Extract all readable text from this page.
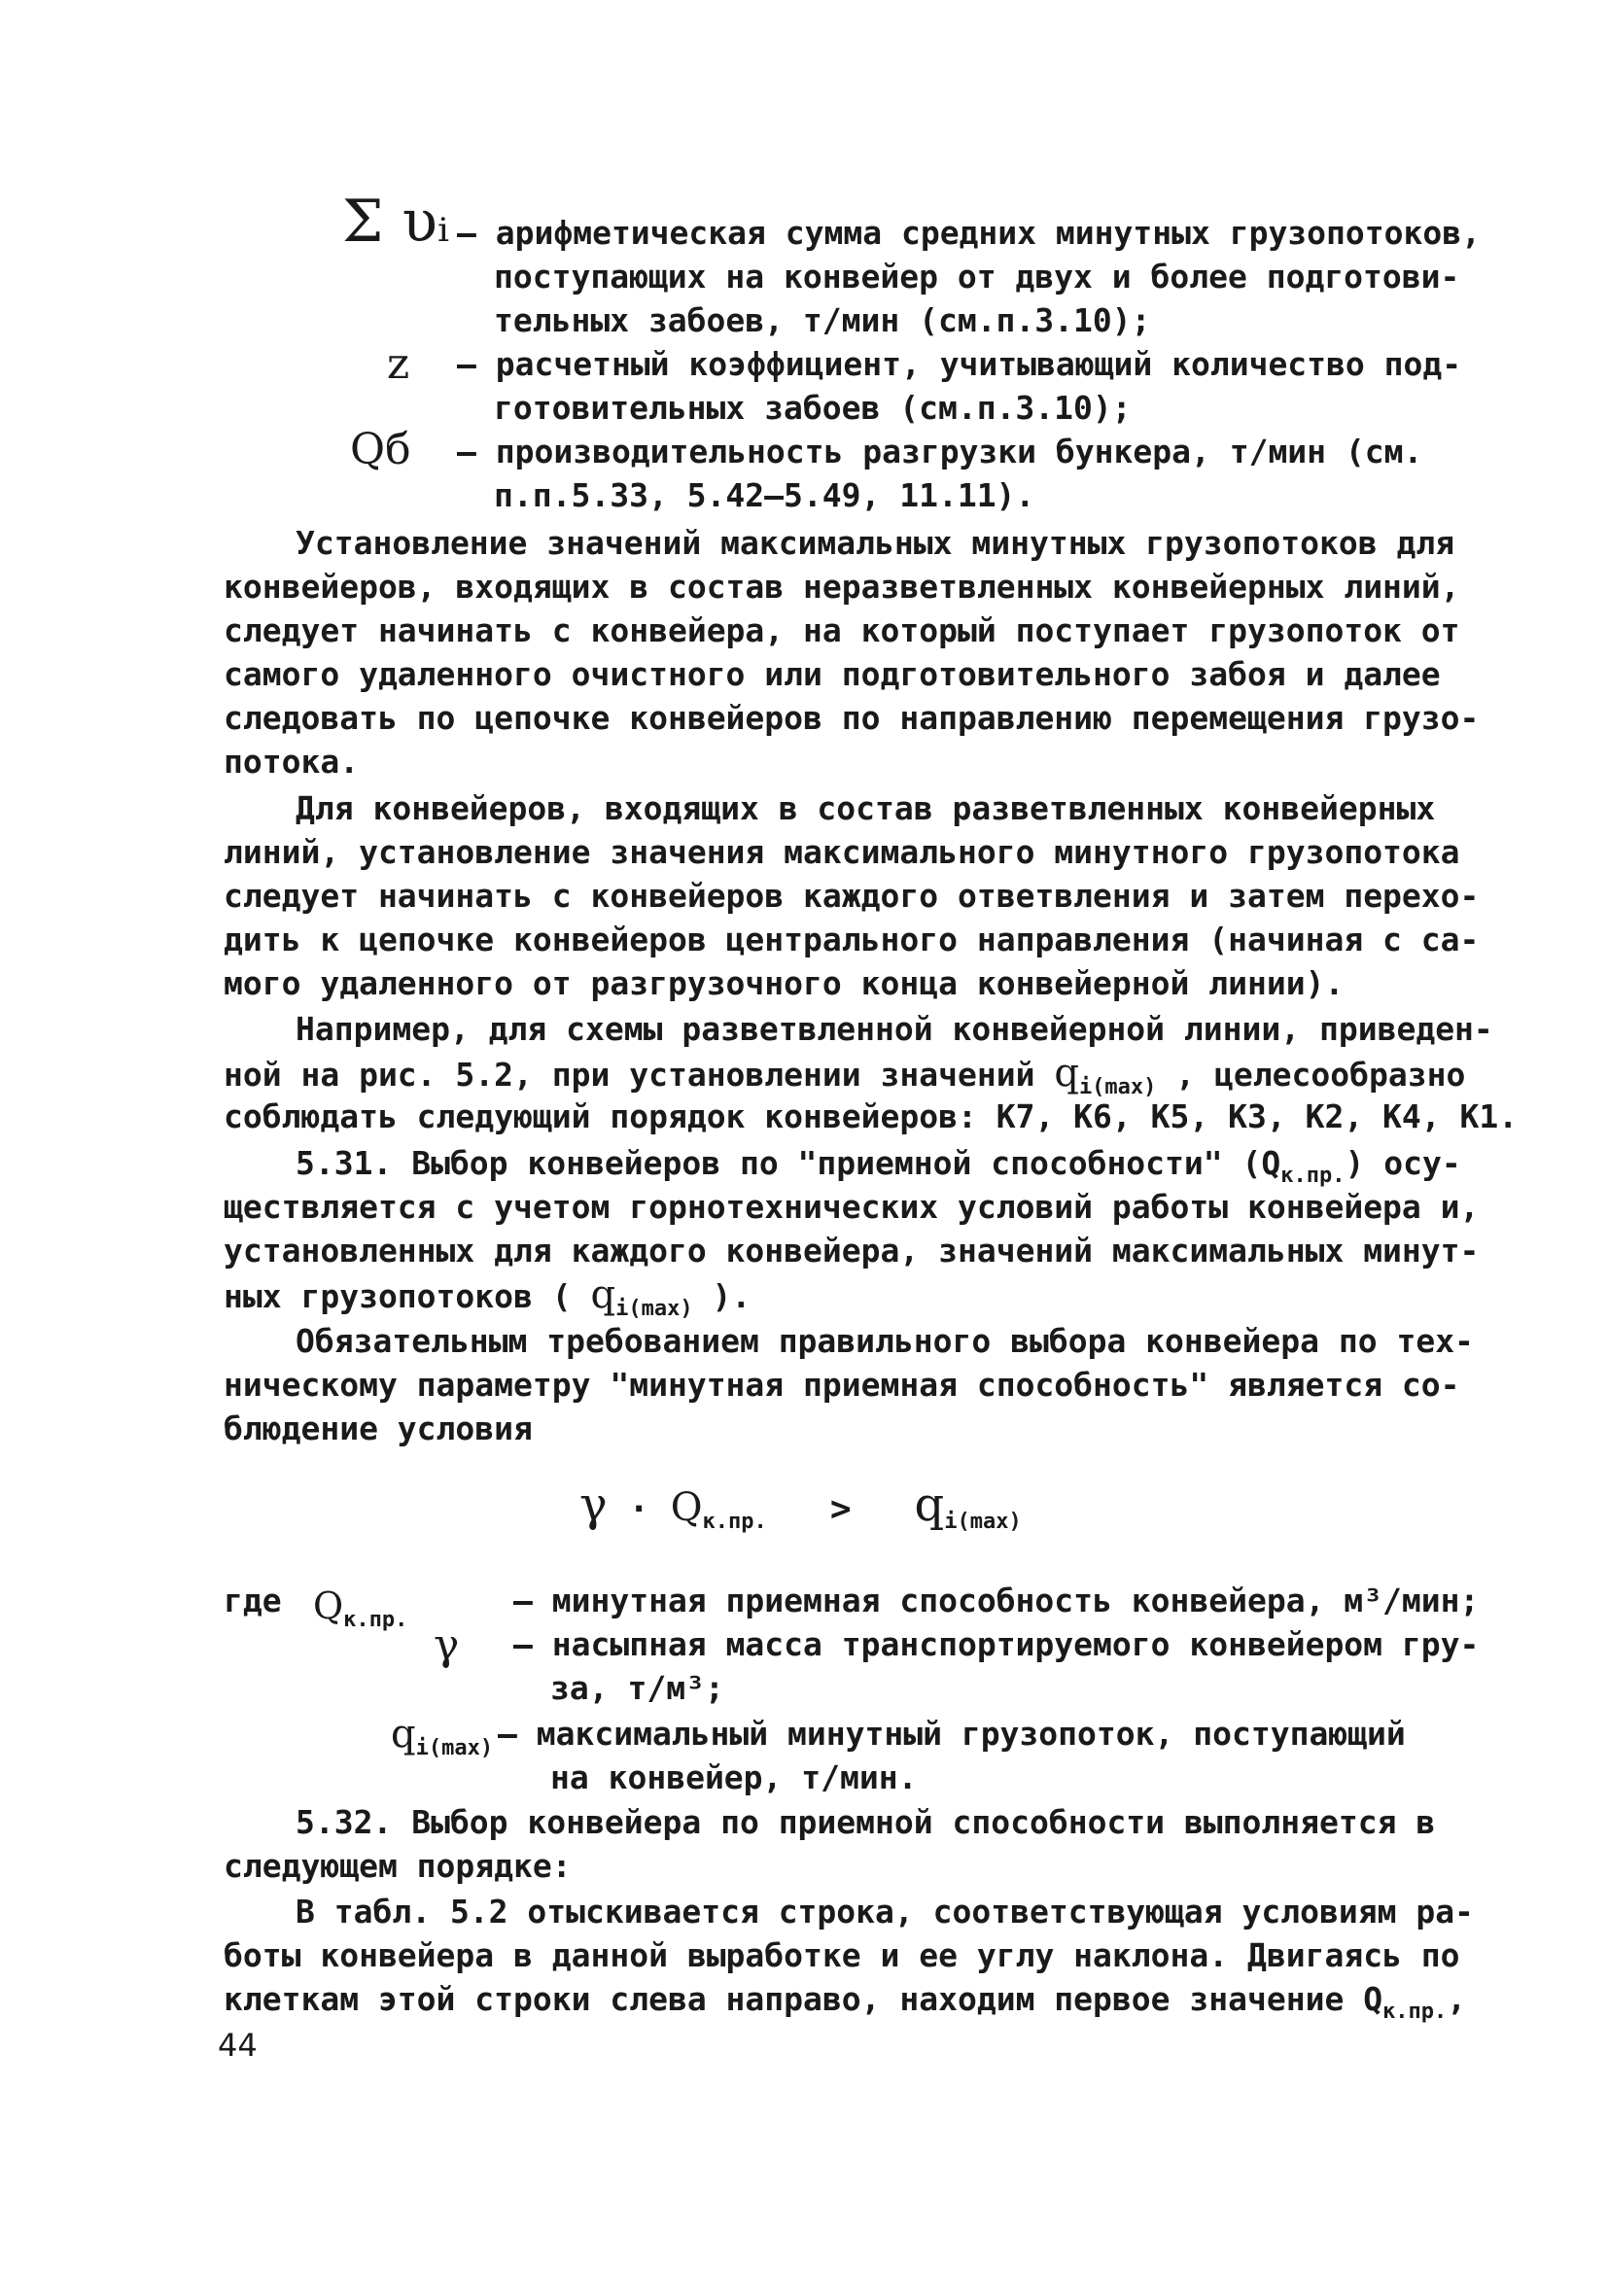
Σ υᵢ – арифметическая сумма средних минутных грузопотоков,
поступающих на конвейер от двух и более подготови-
тельных забоев, т/мин (см.п.3.10);
z – расчетный коэффициент, учитывающий количество под-
готовительных забоев (см.п.3.10);
Qб – производительность разгрузки бункера, т/мин (см.
п.п.5.33, 5.42–5.49, 11.11).
Установление значений максимальных минутных грузопотоков для
конвейеров, входящих в состав неразветвленных конвейерных линий,
следует начинать с конвейера, на который поступает грузопоток от
самого удаленного очистного или подготовительного забоя и далее
следовать по цепочке конвейеров по направлению перемещения грузо-
потока.
Для конвейеров, входящих в состав разветвленных конвейерных
линий, установление значения максимального минутного грузопотока
следует начинать с конвейеров каждого ответвления и затем перехо-
дить к цепочке конвейеров центрального направления (начиная с са-
мого удаленного от разгрузочного конца конвейерной линии).
Например, для схемы разветвленной конвейерной линии, приведен-
ной на рис. 5.2, при установлении значений $q_{i(max)}$ , целесообразно
соблюдать следующий порядок конвейеров: К7, К6, К5, К3, К2, К4, К1.
5.31. Выбор конвейеров по "приемной способности" $(Q_{к.пр.})$ осу-
ществляется с учетом горнотехнических условий работы конвейера и,
установленных для каждого конвейера, значений максимальных минут-
ных грузопотоков ( $q_{i(max)}$ ).
Обязательным требованием правильного выбора конвейера по тех-
ническому параметру "минутная приемная способность" является со-
блюдение условия
$\gamma \cdot Q_{к.пр.} > q_{i(max)}$
где $Q_{к.пр.}$
– минутная приемная способность конвейера, м³/мин;
γ – насыпная масса транспортируемого конвейером гру-
за, т/м³;
$q_{i(max)}$ – максимальный минутный грузопоток, поступающий
на конвейер, т/мин.
5.32. Выбор конвейера по приемной способности выполняется в
следующем порядке:
В табл. 5.2 отыскивается строка, соответствующая условиям ра-
боты конвейера в данной выработке и ее углу наклона. Двигаясь по
клеткам этой строки слева направо, находим первое значение $Q_{к.пр.}$,
44
